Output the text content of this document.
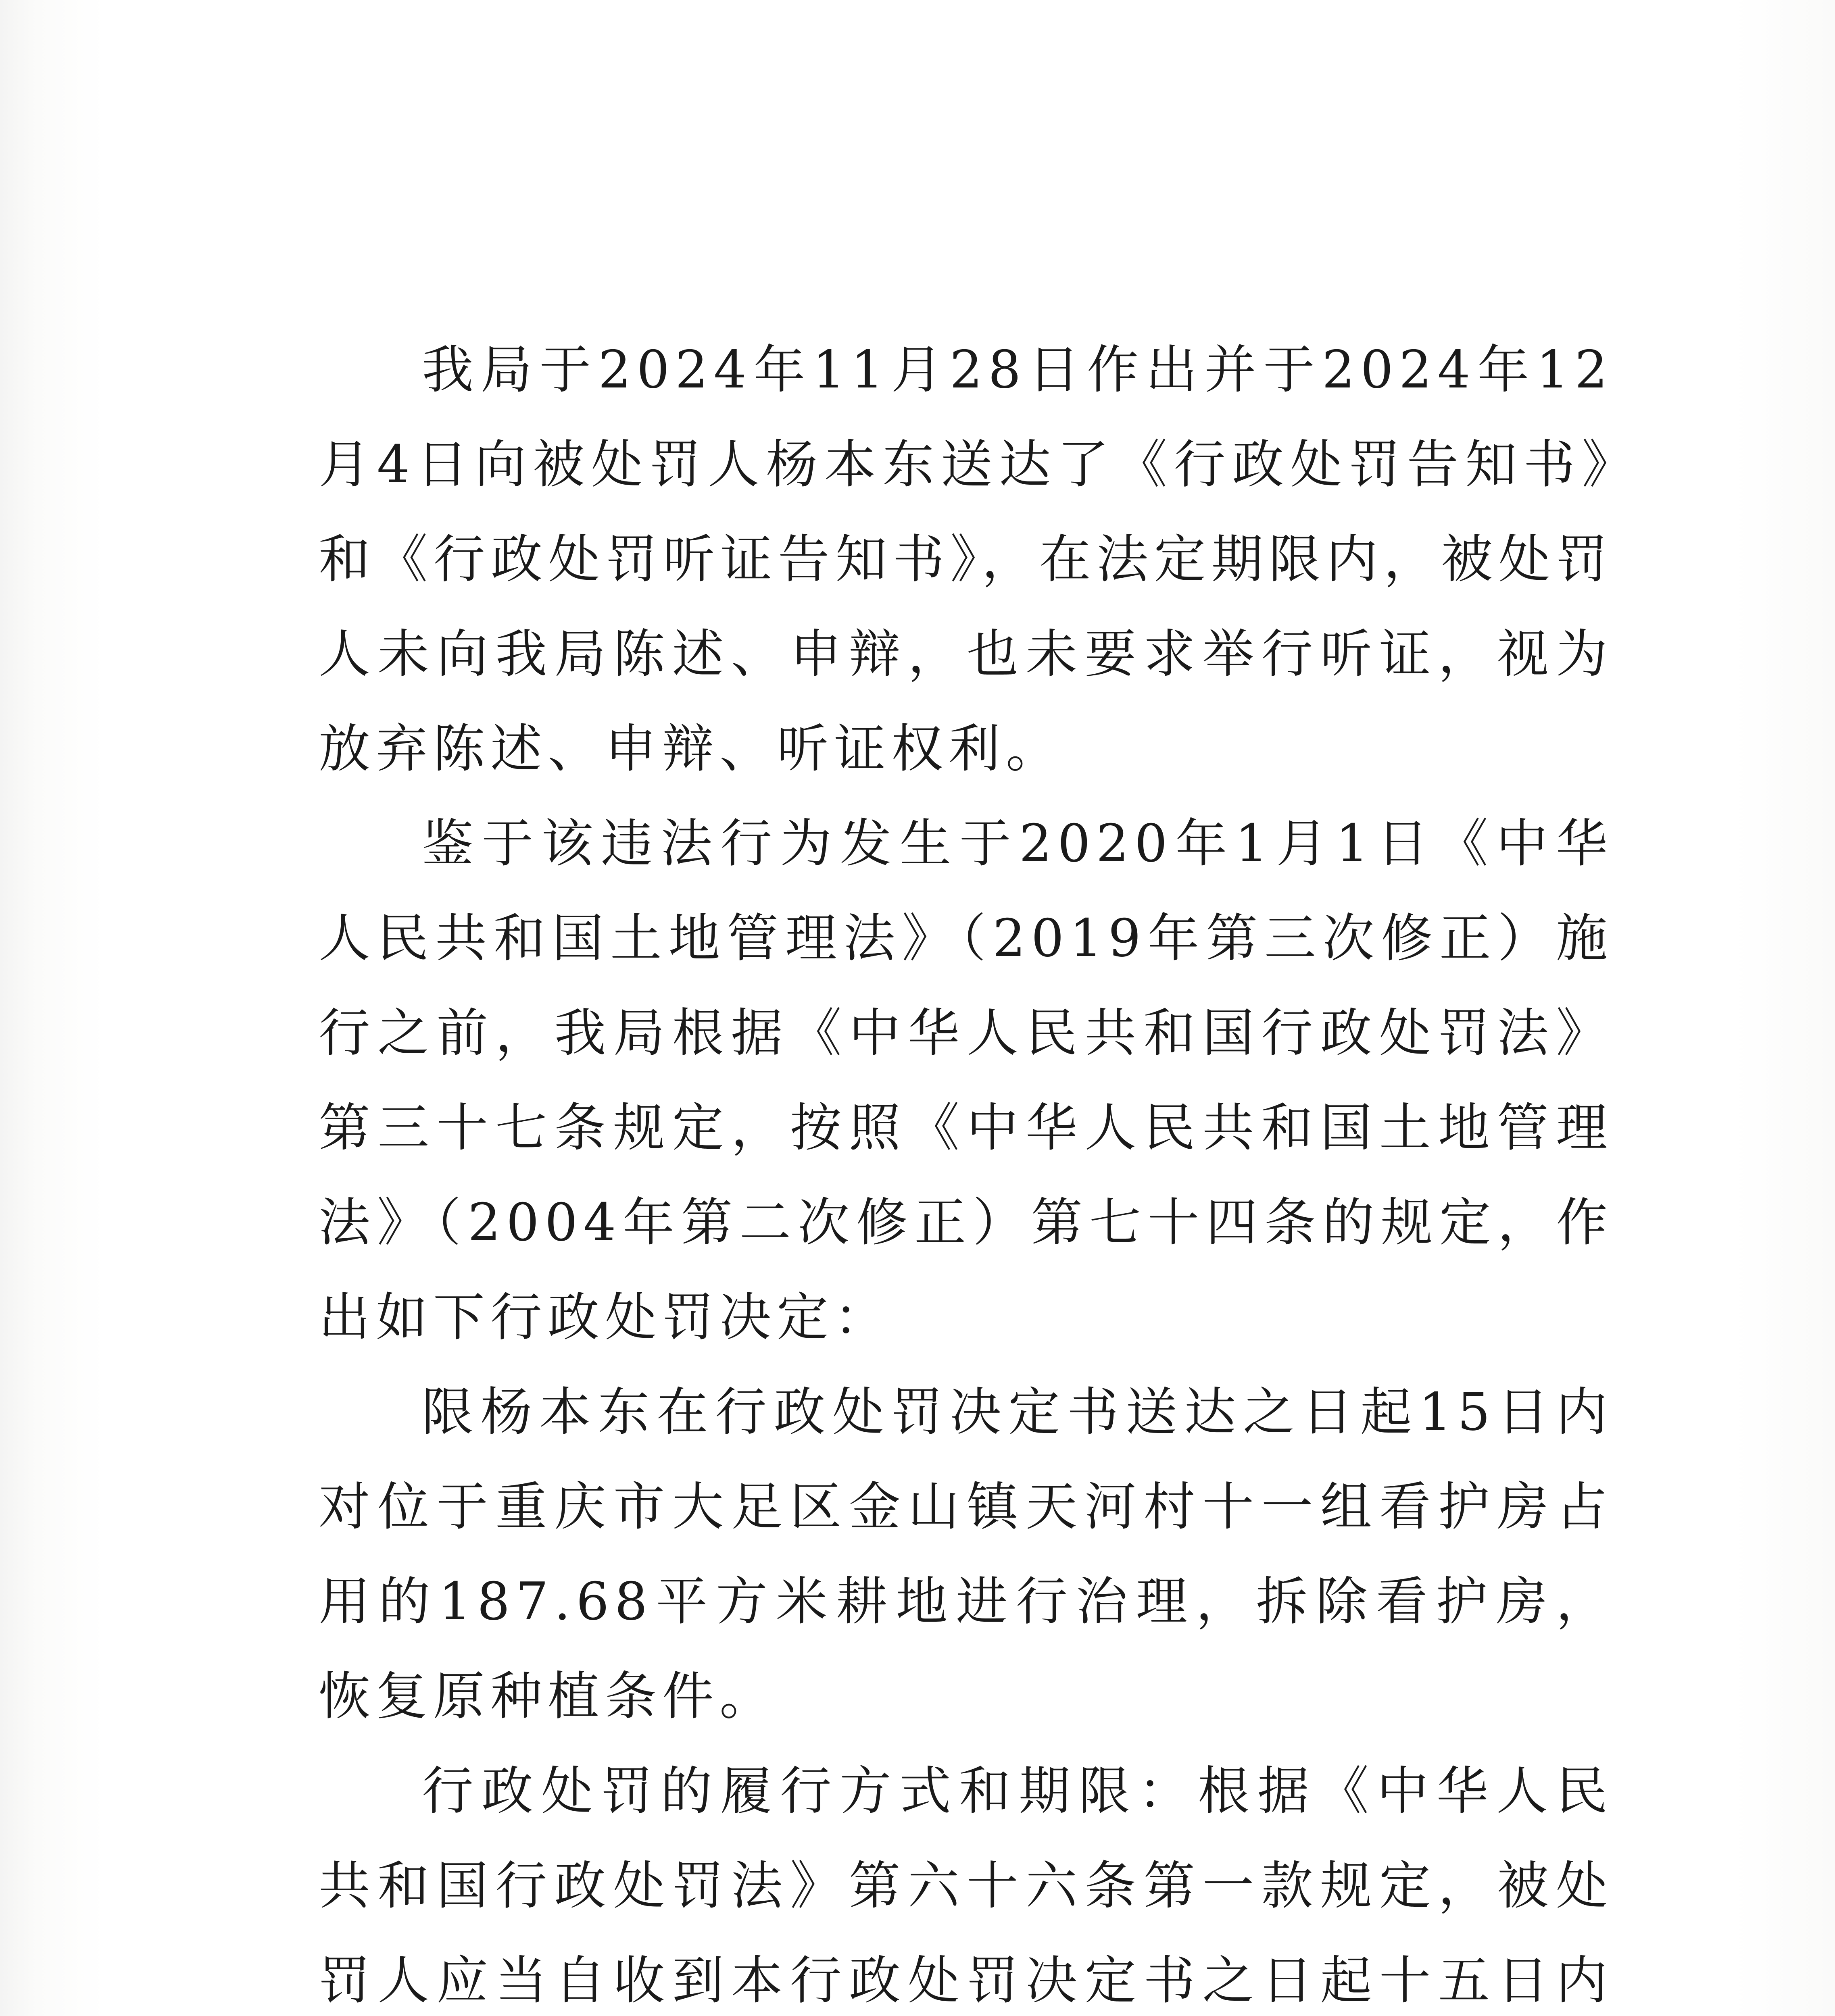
我局于2024年11月28日作出并于2024年12月4日向被处罚人杨本东送达了《行政处罚告知书》和《行政处罚听证告知书》，在法定期限内，被处罚人未向我局陈述、申辩，也未要求举行听证，视为放弃陈述、申辩、听证权利。

鉴于该违法行为发生于2020年1月1日《中华人民共和国土地管理法》（2019年第三次修正）施行之前，我局根据《中华人民共和国行政处罚法》第三十七条规定，按照《中华人民共和国土地管理法》（2004年第二次修正）第七十四条的规定，作出如下行政处罚决定：

限杨本东在行政处罚决定书送达之日起15日内对位于重庆市大足区金山镇天河村十一组看护房占用的187.68平方米耕地进行治理，拆除看护房，恢复原种植条件。

行政处罚的履行方式和期限：根据《中华人民共和国行政处罚法》第六十六条第一款规定，被处罚人应当自收到本行政处罚决定书之日起十五日内
